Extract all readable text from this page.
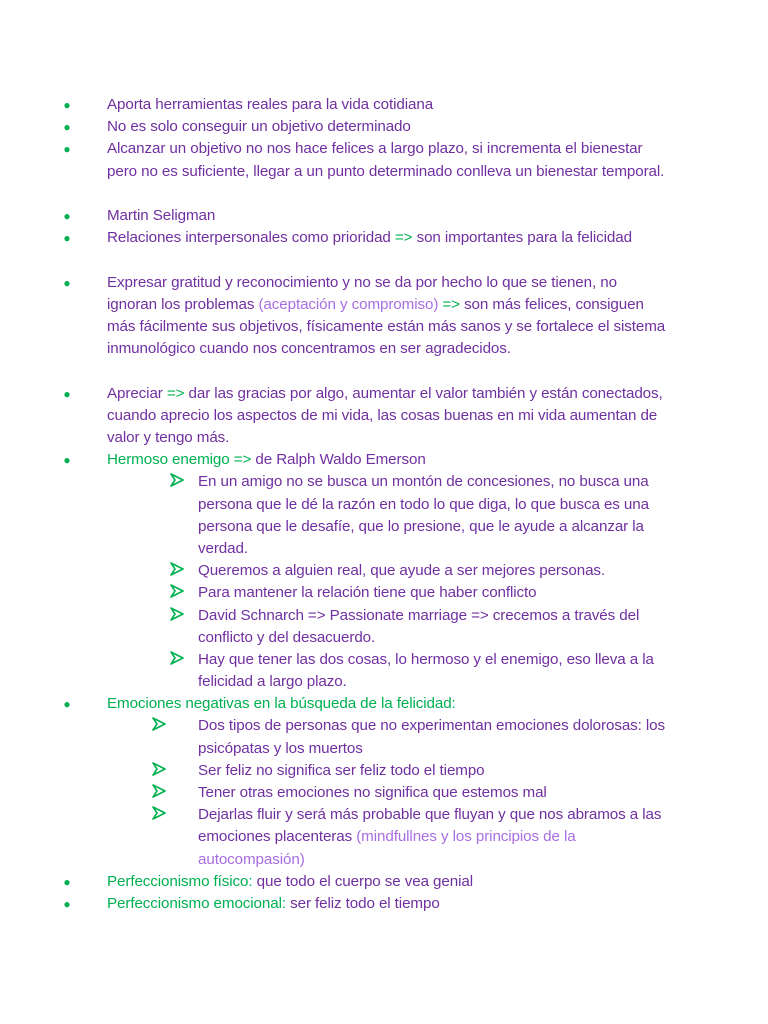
● Aporta herramientas reales para la vida cotidiana
● No es solo conseguir un objetivo determinado
● Alcanzar un objetivo no nos hace felices a largo plazo, si incrementa el bienestar pero no es suficiente, llegar a un punto determinado conlleva un bienestar temporal.
● Martin Seligman
● Relaciones interpersonales como prioridad => son importantes para la felicidad
● Expresar gratitud y reconocimiento y no se da por hecho lo que se tienen, no ignoran los problemas (aceptación y compromiso) => son más felices, consiguen más fácilmente sus objetivos, físicamente están más sanos y se fortalece el sistema inmunológico cuando nos concentramos en ser agradecidos.
● Apreciar => dar las gracias por algo, aumentar el valor también y están conectados, cuando aprecio los aspectos de mi vida, las cosas buenas en mi vida aumentan de valor y tengo más.
● Hermoso enemigo => de Ralph Waldo Emerson
En un amigo no se busca un montón de concesiones, no busca una persona que le dé la razón en todo lo que diga, lo que busca es una persona que le desafíe, que lo presione, que le ayude a alcanzar la verdad.
Queremos a alguien real, que ayude a ser mejores personas.
Para mantener la relación tiene que haber conflicto
David Schnarch => Passionate marriage => crecemos a través del conflicto y del desacuerdo.
Hay que tener las dos cosas, lo hermoso y el enemigo, eso lleva a la felicidad a largo plazo.
● Emociones negativas en la búsqueda de la felicidad:
Dos tipos de personas que no experimentan emociones dolorosas: los psicópatas y los muertos
Ser feliz no significa ser feliz todo el tiempo
Tener otras emociones no significa que estemos mal
Dejarlas fluir y será más probable que fluyan y que nos abramos a las emociones placenteras (mindfullnes y los principios de la autocompasión)
● Perfeccionismo físico: que todo el cuerpo se vea genial
● Perfeccionismo emocional: ser feliz todo el tiempo
